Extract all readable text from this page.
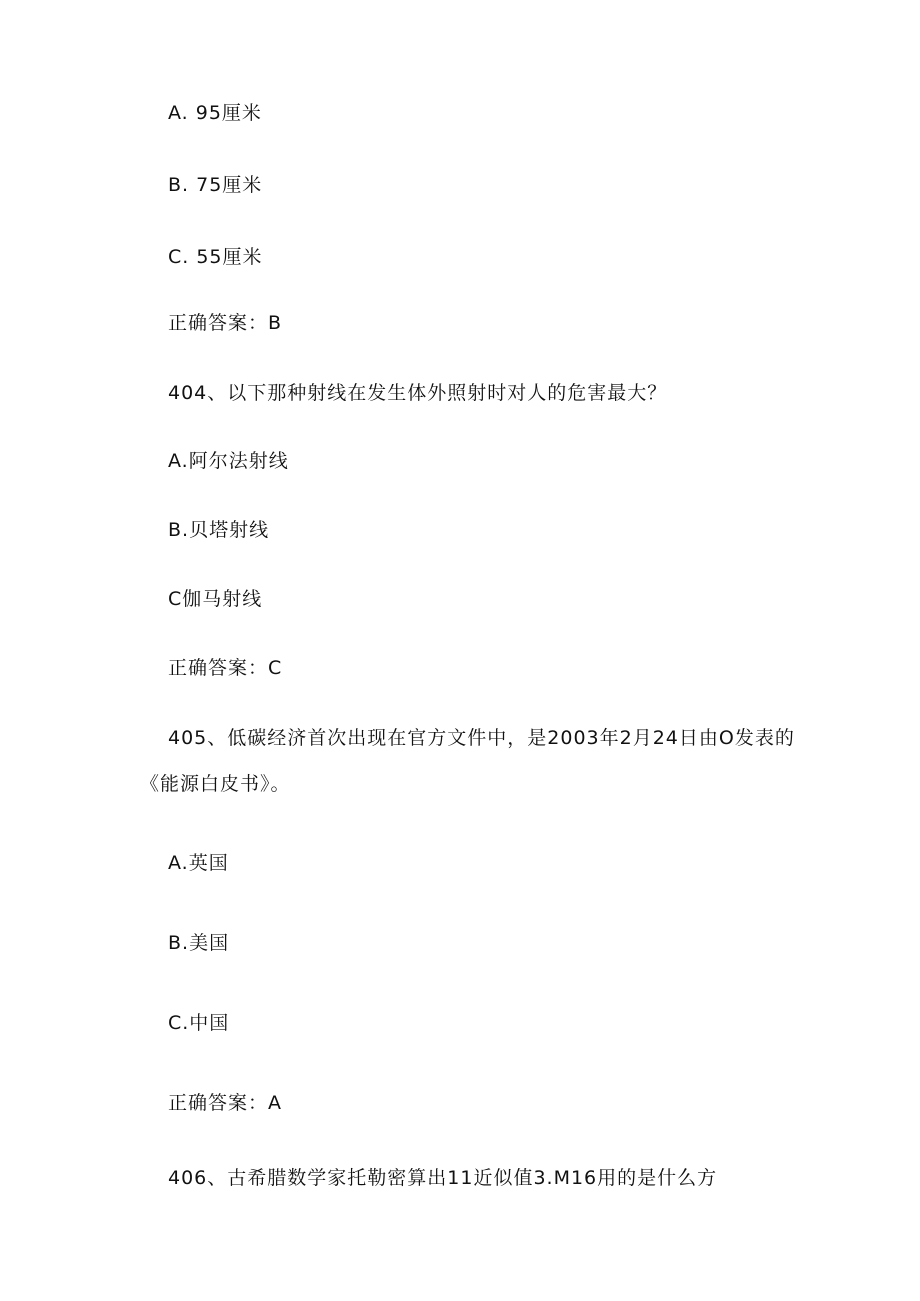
A. 95厘米
B. 75厘米
C. 55厘米
正确答案：B
404、以下那种射线在发生体外照射时对人的危害最大？
A.阿尔法射线
B.贝塔射线
C伽马射线
正确答案：C
405、低碳经济首次出现在官方文件中，是2003年2月24日由O发表的
《能源白皮书》。
A.英国
B.美国
C.中国
正确答案：A
406、古希腊数学家托勒密算出11近似值3.M16用的是什么方
